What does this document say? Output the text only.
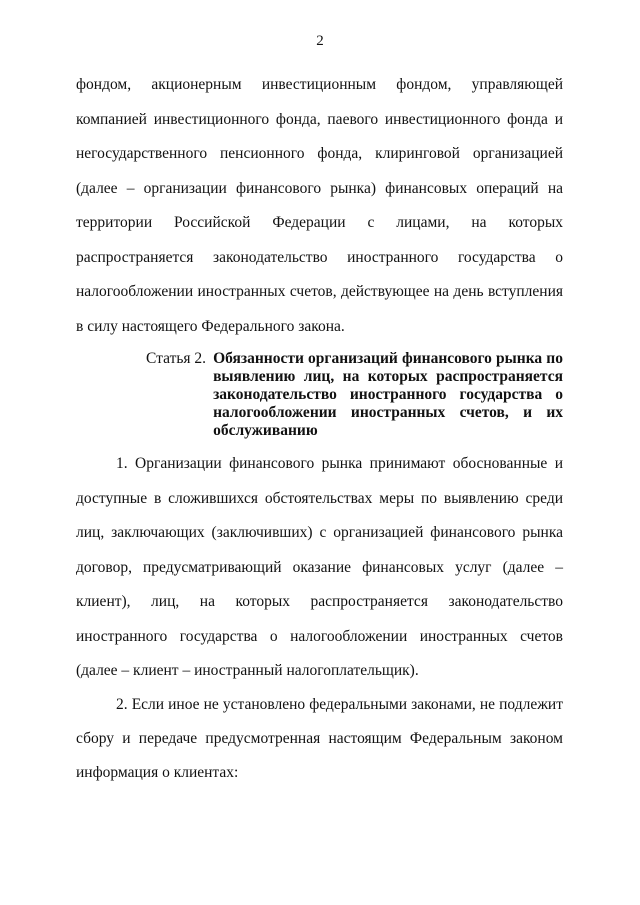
2

фондом, акционерным инвестиционным фондом, управляющей компанией инвестиционного фонда, паевого инвестиционного фонда и негосударственного пенсионного фонда, клиринговой организацией (далее – организации финансового рынка) финансовых операций на территории Российской Федерации с лицами, на которых распространяется законодательство иностранного государства о налогообложении иностранных счетов, действующее на день вступления в силу настоящего Федерального закона.

Статья 2. Обязанности организаций финансового рынка по выявлению лиц, на которых распространяется законодательство иностранного государства о налогообложении иностранных счетов, и их обслуживанию

1. Организации финансового рынка принимают обоснованные и доступные в сложившихся обстоятельствах меры по выявлению среди лиц, заключающих (заключивших) с организацией финансового рынка договор, предусматривающий оказание финансовых услуг (далее – клиент), лиц, на которых распространяется законодательство иностранного государства о налогообложении иностранных счетов (далее – клиент – иностранный налогоплательщик).

2. Если иное не установлено федеральными законами, не подлежит сбору и передаче предусмотренная настоящим Федеральным законом информация о клиентах:
